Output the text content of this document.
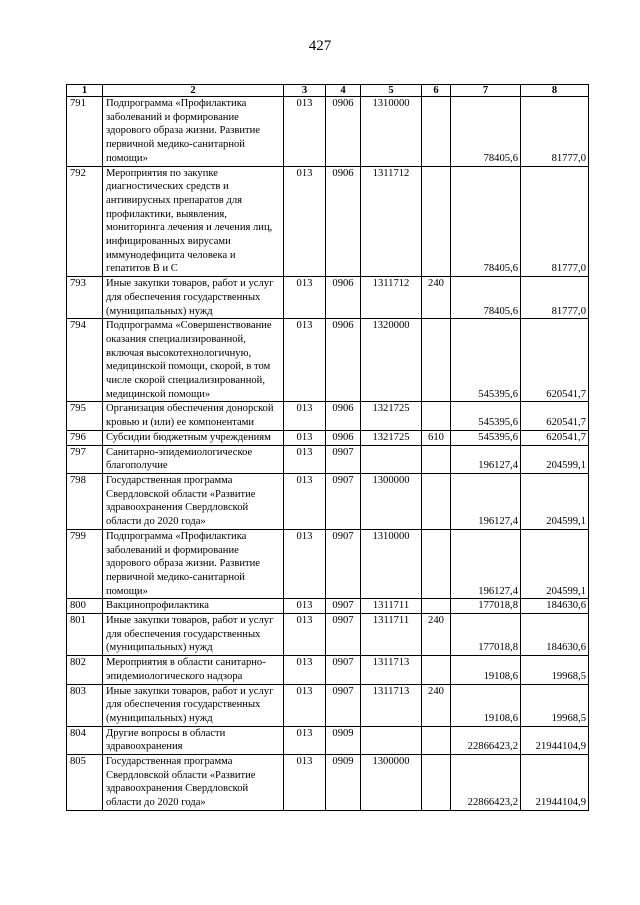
427
1	2	3	4	5	6	7	8
791	Подпрограмма «Профилактика заболеваний и формирование здорового образа жизни. Развитие первичной медико-санитарной помощи»	013	0906	1310000		78405,6	81777,0
792	Мероприятия по закупке диагностических средств и антивирусных препаратов для профилактики, выявления, мониторинга лечения и лечения лиц, инфицированных вирусами иммунодефицита человека и гепатитов В и С	013	0906	1311712		78405,6	81777,0
793	Иные закупки товаров, работ и услуг для обеспечения государственных (муниципальных) нужд	013	0906	1311712	240	78405,6	81777,0
794	Подпрограмма «Совершенствование оказания специализированной, включая высокотехнологичную, медицинской помощи, скорой, в том числе скорой специализированной, медицинской помощи»	013	0906	1320000		545395,6	620541,7
795	Организация обеспечения донорской кровью и (или) ее компонентами	013	0906	1321725		545395,6	620541,7
796	Субсидии бюджетным учреждениям	013	0906	1321725	610	545395,6	620541,7
797	Санитарно-эпидемиологическое благополучие	013	0907			196127,4	204599,1
798	Государственная программа Свердловской области «Развитие здравоохранения Свердловской области до 2020 года»	013	0907	1300000		196127,4	204599,1
799	Подпрограмма «Профилактика заболеваний и формирование здорового образа жизни. Развитие первичной медико-санитарной помощи»	013	0907	1310000		196127,4	204599,1
800	Вакцинопрофилактика	013	0907	1311711		177018,8	184630,6
801	Иные закупки товаров, работ и услуг для обеспечения государственных (муниципальных) нужд	013	0907	1311711	240	177018,8	184630,6
802	Мероприятия в области санитарно-эпидемиологического надзора	013	0907	1311713		19108,6	19968,5
803	Иные закупки товаров, работ и услуг для обеспечения государственных (муниципальных) нужд	013	0907	1311713	240	19108,6	19968,5
804	Другие вопросы в области здравоохранения	013	0909			22866423,2	21944104,9
805	Государственная программа Свердловской области «Развитие здравоохранения Свердловской области до 2020 года»	013	0909	1300000		22866423,2	21944104,9
